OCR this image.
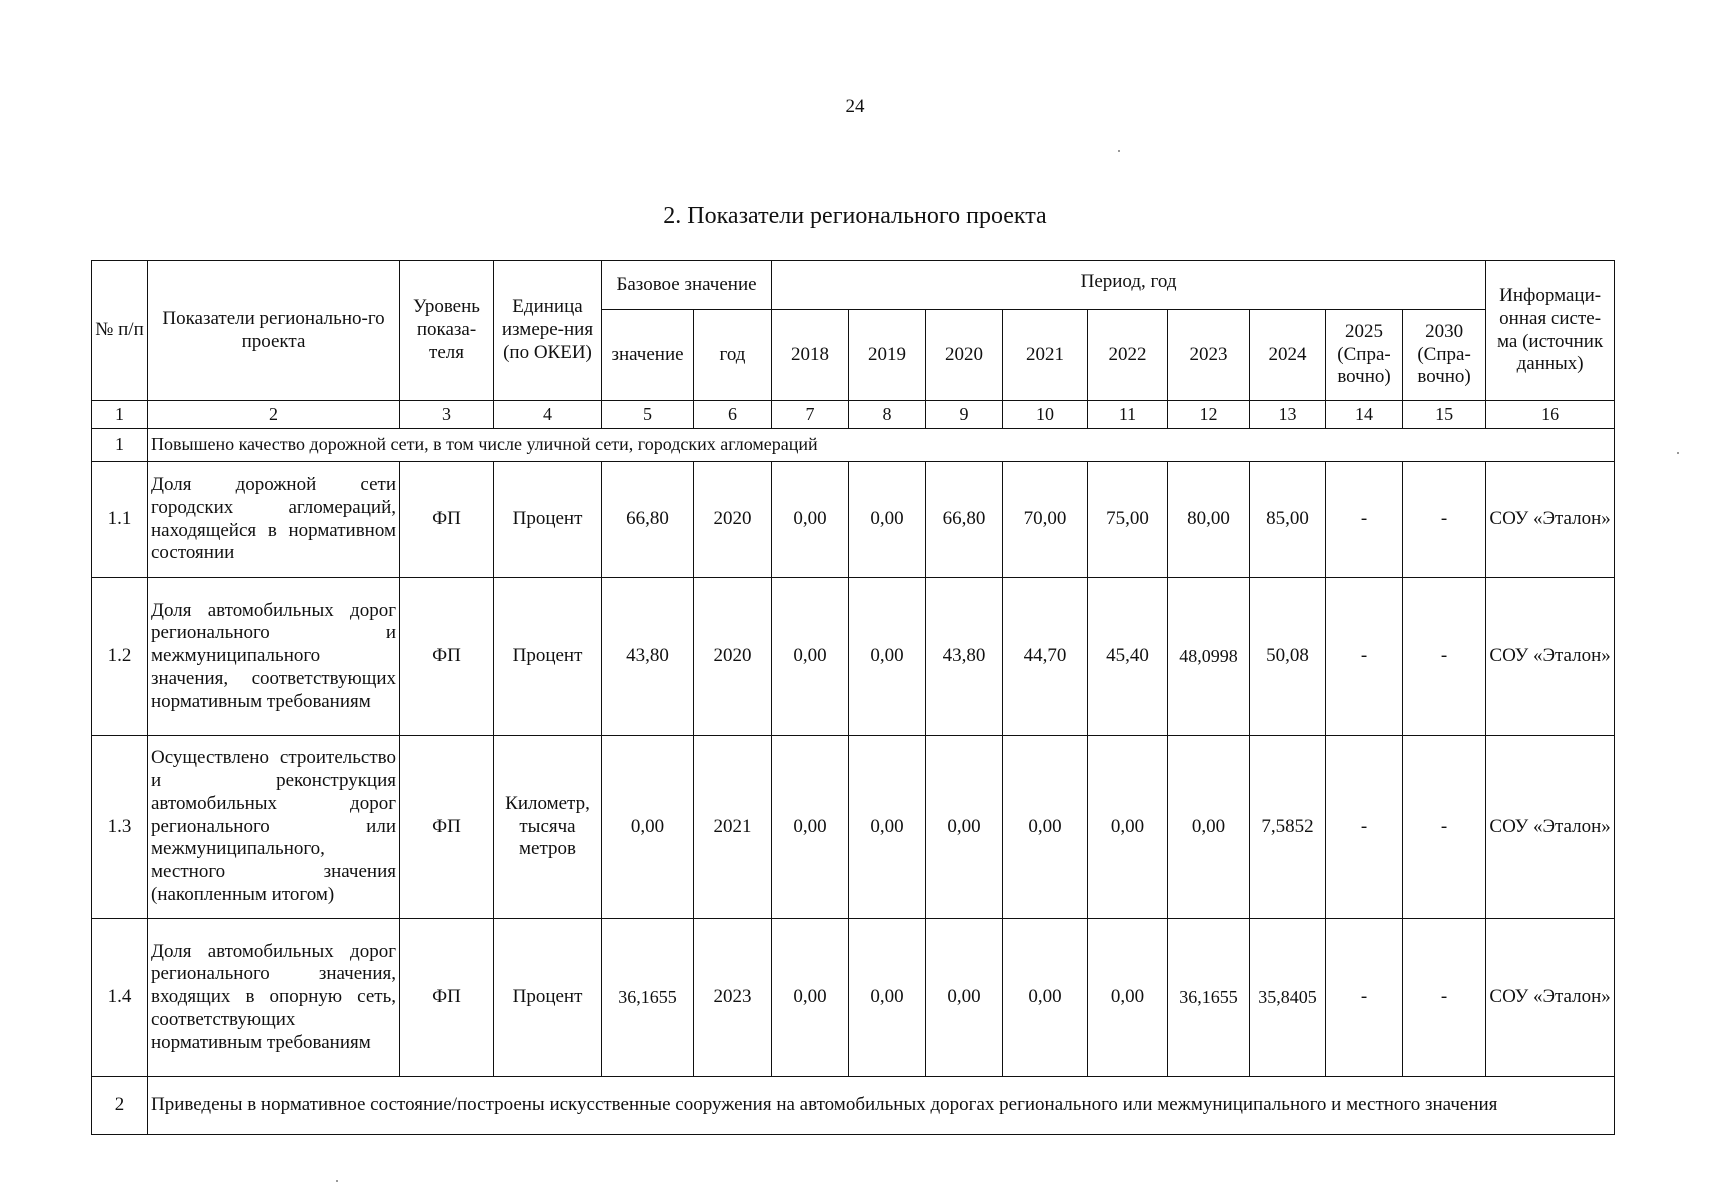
24
2. Показатели регионального проекта
№ п/п	Показатели регионально-го проекта	Уровень показа-теля	Единица измере-ния (по ОКЕИ)	Базовое значение		Период, год									Информаци-онная систе-ма (источник данных)
				значение	год	2018	2019	2020	2021	2022	2023	2024	2025 (Спра-вочно)	2030 (Спра-вочно)	
1	2	3	4	5	6	7	8	9	10	11	12	13	14	15	16
1	Повышено качество дорожной сети, в том числе уличной сети, городских агломераций														
1.1	Доля дорожной сети городских агломераций, находящейся в нормативном состоянии	ФП	Процент	66,80	2020	0,00	0,00	66,80	70,00	75,00	80,00	85,00	-	-	СОУ «Эталон»
1.2	Доля автомобильных дорог регионального и межмуниципального значения, соответствующих нормативным требованиям	ФП	Процент	43,80	2020	0,00	0,00	43,80	44,70	45,40	48,0998	50,08	-	-	СОУ «Эталон»
1.3	Осуществлено строительство и реконструкция автомобильных дорог регионального или межмуниципального, местного значения (накопленным итогом)	ФП	Километр, тысяча метров	0,00	2021	0,00	0,00	0,00	0,00	0,00	0,00	7,5852	-	-	СОУ «Эталон»
1.4	Доля автомобильных дорог регионального значения, входящих в опорную сеть, соответствующих нормативным требованиям	ФП	Процент	36,1655	2023	0,00	0,00	0,00	0,00	0,00	36,1655	35,8405	-	-	СОУ «Эталон»
2	Приведены в нормативное состояние/построены искусственные сооружения на автомобильных дорогах регионального или межмуниципального и местного значения														
